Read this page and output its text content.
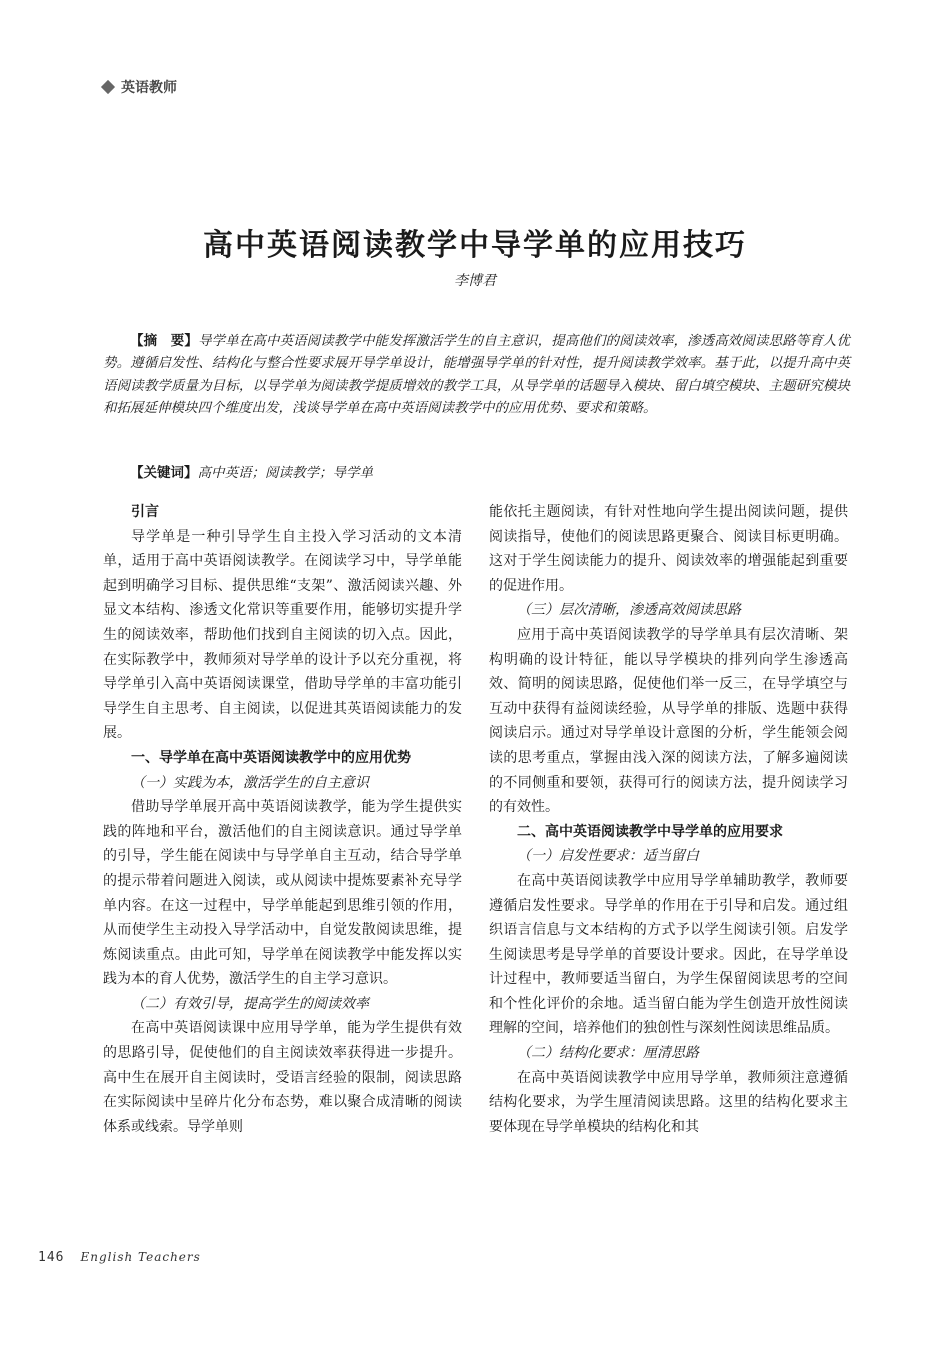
英语教师
高中英语阅读教学中导学单的应用技巧
李博君
【摘　要】导学单在高中英语阅读教学中能发挥激活学生的自主意识，提高他们的阅读效率，渗透高效阅读思路等育人优势。遵循启发性、结构化与整合性要求展开导学单设计，能增强导学单的针对性，提升阅读教学效率。基于此，以提升高中英语阅读教学质量为目标，以导学单为阅读教学提质增效的教学工具，从导学单的话题导入模块、留白填空模块、主题研究模块和拓展延伸模块四个维度出发，浅谈导学单在高中英语阅读教学中的应用优势、要求和策略。
【关键词】高中英语；阅读教学；导学单
引言

导学单是一种引导学生自主投入学习活动的文本清单，适用于高中英语阅读教学。在阅读学习中，导学单能起到明确学习目标、提供思维“支架”、激活阅读兴趣、外显文本结构、渗透文化常识等重要作用，能够切实提升学生的阅读效率，帮助他们找到自主阅读的切入点。因此，在实际教学中，教师须对导学单的设计予以充分重视，将导学单引入高中英语阅读课堂，借助导学单的丰富功能引导学生自主思考、自主阅读，以促进其英语阅读能力的发展。

一、导学单在高中英语阅读教学中的应用优势
（一）实践为本，激活学生的自主意识

借助导学单展开高中英语阅读教学，能为学生提供实践的阵地和平台，激活他们的自主阅读意识。通过导学单的引导，学生能在阅读中与导学单自主互动，结合导学单的提示带着问题进入阅读，或从阅读中提炼要素补充导学单内容。在这一过程中，导学单能起到思维引领的作用，从而使学生主动投入导学活动中，自觉发散阅读思维，提炼阅读重点。由此可知，导学单在阅读教学中能发挥以实践为本的育人优势，激活学生的自主学习意识。

（二）有效引导，提高学生的阅读效率

在高中英语阅读课中应用导学单，能为学生提供有效的思路引导，促使他们的自主阅读效率获得进一步提升。高中生在展开自主阅读时，受语言经验的限制，阅读思路在实际阅读中呈碎片化分布态势，难以聚合成清晰的阅读体系或线索。导学单则

能依托主题阅读，有针对性地向学生提出阅读问题，提供阅读指导，使他们的阅读思路更聚合、阅读目标更明确。这对于学生阅读能力的提升、阅读效率的增强能起到重要的促进作用。

（三）层次清晰，渗透高效阅读思路

应用于高中英语阅读教学的导学单具有层次清晰、架构明确的设计特征，能以导学模块的排列向学生渗透高效、简明的阅读思路，促使他们举一反三，在导学填空与互动中获得有益阅读经验，从导学单的排版、选题中获得阅读启示。通过对导学单设计意图的分析，学生能领会阅读的思考重点，掌握由浅入深的阅读方法，了解多遍阅读的不同侧重和要领，获得可行的阅读方法，提升阅读学习的有效性。

二、高中英语阅读教学中导学单的应用要求
（一）启发性要求：适当留白

在高中英语阅读教学中应用导学单辅助教学，教师要遵循启发性要求。导学单的作用在于引导和启发。通过组织语言信息与文本结构的方式予以学生阅读引领。启发学生阅读思考是导学单的首要设计要求。因此，在导学单设计过程中，教师要适当留白，为学生保留阅读思考的空间和个性化评价的余地。适当留白能为学生创造开放性阅读理解的空间，培养他们的独创性与深刻性阅读思维品质。

（二）结构化要求：厘清思路

在高中英语阅读教学中应用导学单，教师须注意遵循结构化要求，为学生厘清阅读思路。这里的结构化要求主要体现在导学单模块的结构化和其

146 English Teachers
